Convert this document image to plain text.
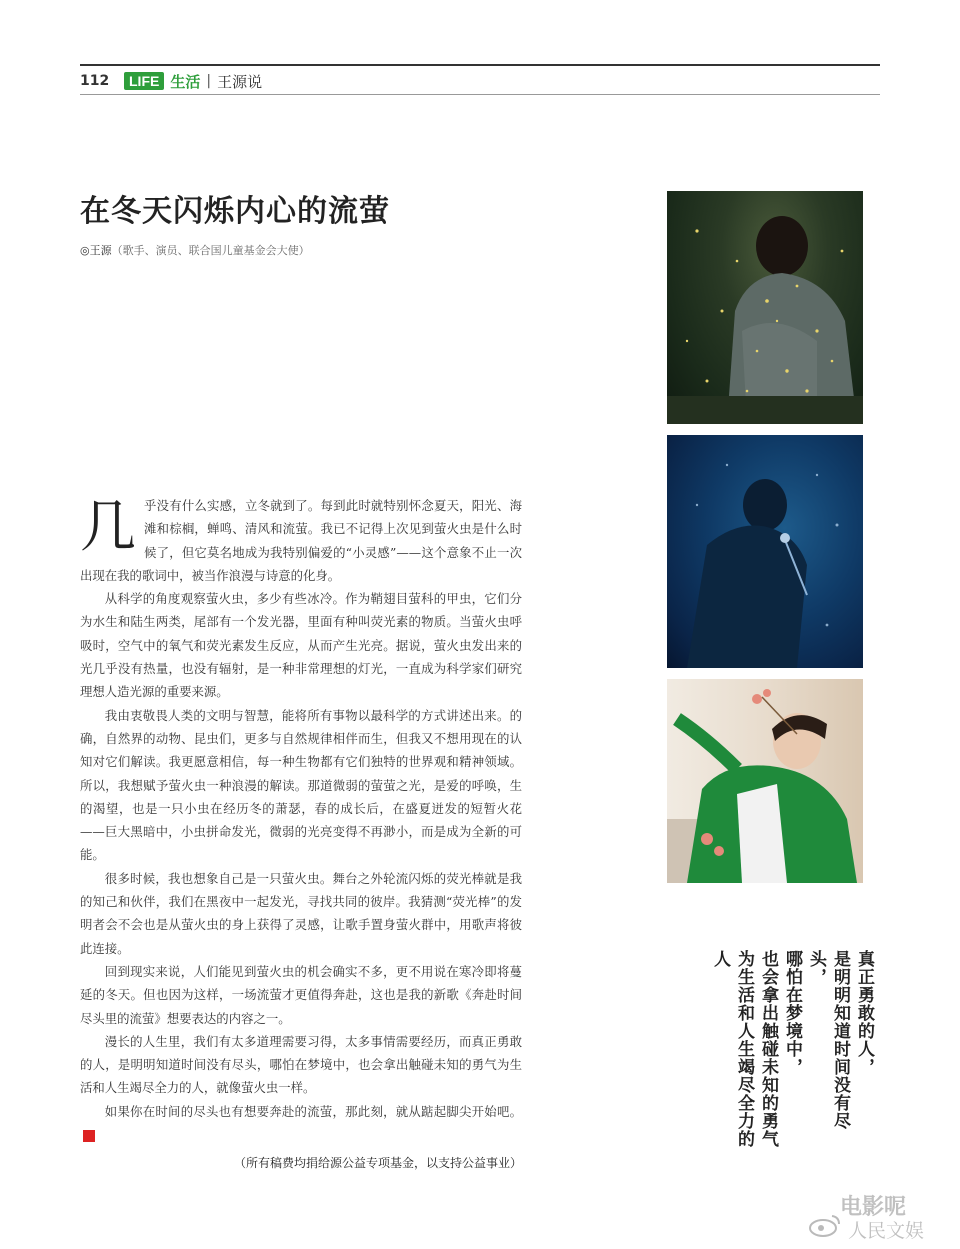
112	LIFE 生活 | 王源说
在冬天闪烁内心的流萤
◎王源（歌手、演员、联合国儿童基金会大使）

几乎没有什么实感，立冬就到了。每到此时就特别怀念夏天，阳光、海滩和棕榈，蝉鸣、清风和流萤。我已不记得上次见到萤火虫是什么时候了，但它莫名地成为我特别偏爱的“小灵感”——这个意象不止一次出现在我的歌词中，被当作浪漫与诗意的化身。

从科学的角度观察萤火虫，多少有些冰冷。作为鞘翅目萤科的甲虫，它们分为水生和陆生两类，尾部有一个发光器，里面有种叫荧光素的物质。当萤火虫呼吸时，空气中的氧气和荧光素发生反应，从而产生光亮。据说，萤火虫发出来的光几乎没有热量，也没有辐射，是一种非常理想的灯光，一直成为科学家们研究理想人造光源的重要来源。

我由衷敬畏人类的文明与智慧，能将所有事物以最科学的方式讲述出来。的确，自然界的动物、昆虫们，更多与自然规律相伴而生，但我又不想用现在的认知对它们解读。我更愿意相信，每一种生物都有它们独特的世界观和精神领域。所以，我想赋予萤火虫一种浪漫的解读。那道微弱的萤萤之光，是爱的呼唤，生的渴望，也是一只小虫在经历冬的萧瑟，春的成长后，在盛夏迸发的短暂火花——巨大黑暗中，小虫拼命发光，微弱的光亮变得不再渺小，而是成为全新的可能。

很多时候，我也想象自己是一只萤火虫。舞台之外轮流闪烁的荧光棒就是我的知己和伙伴，我们在黑夜中一起发光，寻找共同的彼岸。我猜测“荧光棒”的发明者会不会也是从萤火虫的身上获得了灵感，让歌手置身萤火群中，用歌声将彼此连接。

回到现实来说，人们能见到萤火虫的机会确实不多，更不用说在寒冷即将蔓延的冬天。但也因为这样，一场流萤才更值得奔赴，这也是我的新歌《奔赴时间尽头里的流萤》想要表达的内容之一。

漫长的人生里，我们有太多道理需要习得，太多事情需要经历，而真正勇敢的人，是明明知道时间没有尽头，哪怕在梦境中，也会拿出触碰未知的勇气为生活和人生竭尽全力的人，就像萤火虫一样。

如果你在时间的尽头也有想要奔赴的流萤，那此刻，就从踮起脚尖开始吧。G

（所有稿费均捐给源公益专项基金，以支持公益事业）

真正勇敢的人，
是明明知道时间没有尽头，
哪怕在梦境中，
也会拿出触碰未知的勇气
为生活和人生竭尽全力的人
电影呢
人民文娱
